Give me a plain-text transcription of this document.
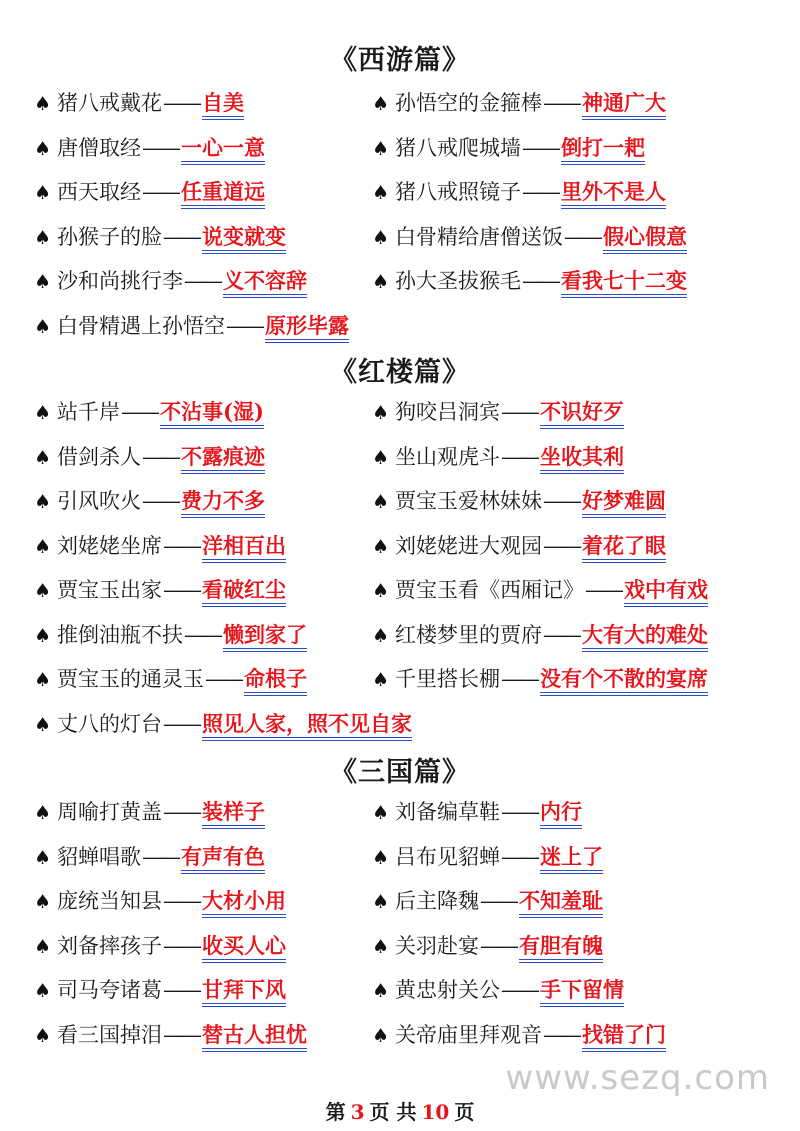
《西游篇》
♠ 猪八戒戴花—— 自美	♠ 孙悟空的金箍棒—— 神通广大
♠ 唐僧取经—— 一心一意	♠ 猪八戒爬城墙—— 倒打一耙
♠ 西天取经—— 任重道远	♠ 猪八戒照镜子—— 里外不是人
♠ 孙猴子的脸—— 说变就变	♠ 白骨精给唐僧送饭—— 假心假意
♠ 沙和尚挑行李—— 义不容辞	♠ 孙大圣拔猴毛—— 看我七十二变
♠ 白骨精遇上孙悟空—— 原形毕露
《红楼篇》
♠ 站千岸—— 不沾事(湿)	♠ 狗咬吕洞宾—— 不识好歹
♠ 借剑杀人—— 不露痕迹	♠ 坐山观虎斗—— 坐收其利
♠ 引风吹火—— 费力不多	♠ 贾宝玉爱林妹妹—— 好梦难圆
♠ 刘姥姥坐席—— 洋相百出	♠ 刘姥姥进大观园—— 着花了眼
♠ 贾宝玉出家—— 看破红尘	♠ 贾宝玉看《西厢记》—— 戏中有戏
♠ 推倒油瓶不扶—— 懒到家了	♠ 红楼梦里的贾府—— 大有大的难处
♠ 贾宝玉的通灵玉—— 命根子	♠ 千里搭长棚—— 没有个不散的宴席
♠ 丈八的灯台—— 照见人家，照不见自家
《三国篇》
♠ 周喻打黄盖—— 装样子	♠ 刘备编草鞋—— 内行
♠ 貂蝉唱歌—— 有声有色	♠ 吕布见貂蝉—— 迷上了
♠ 庞统当知县—— 大材小用	♠ 后主降魏—— 不知羞耻
♠ 刘备摔孩子—— 收买人心	♠ 关羽赴宴—— 有胆有魄
♠ 司马夸诸葛—— 甘拜下风	♠ 黄忠射关公—— 手下留情
♠ 看三国掉泪—— 替古人担忧	♠ 关帝庙里拜观音—— 找错了门
www.sezq.com
第 3 页 共 10 页
